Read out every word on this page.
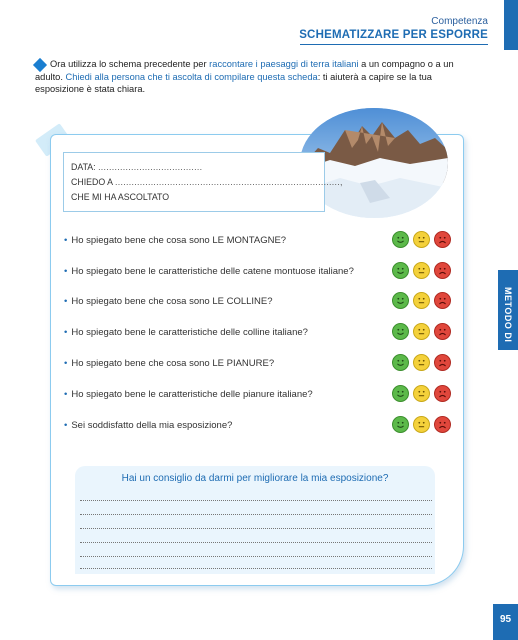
Competenza
SCHEMATIZZARE PER ESPORRE
Ora utilizza lo schema precedente per raccontare i paesaggi di terra italiani a un compagno o a un adulto. Chiedi alla persona che ti ascolta di compilare questa scheda: ti aiuterà a capire se la tua esposizione è stata chiara.
DATA: ......................................
CHIEDO A ..................................................................................,
CHE MI HA ASCOLTATO
• Ho spiegato bene che cosa sono LE MONTAGNE?
• Ho spiegato bene le caratteristiche delle catene montuose italiane?
• Ho spiegato bene che cosa sono LE COLLINE?
• Ho spiegato bene le caratteristiche delle colline italiane?
• Ho spiegato bene che cosa sono LE PIANURE?
• Ho spiegato bene le caratteristiche delle pianure italiane?
• Sei soddisfatto della mia esposizione?
Hai un consiglio da darmi per migliorare la mia esposizione?
METODO DI STUDIO
95
